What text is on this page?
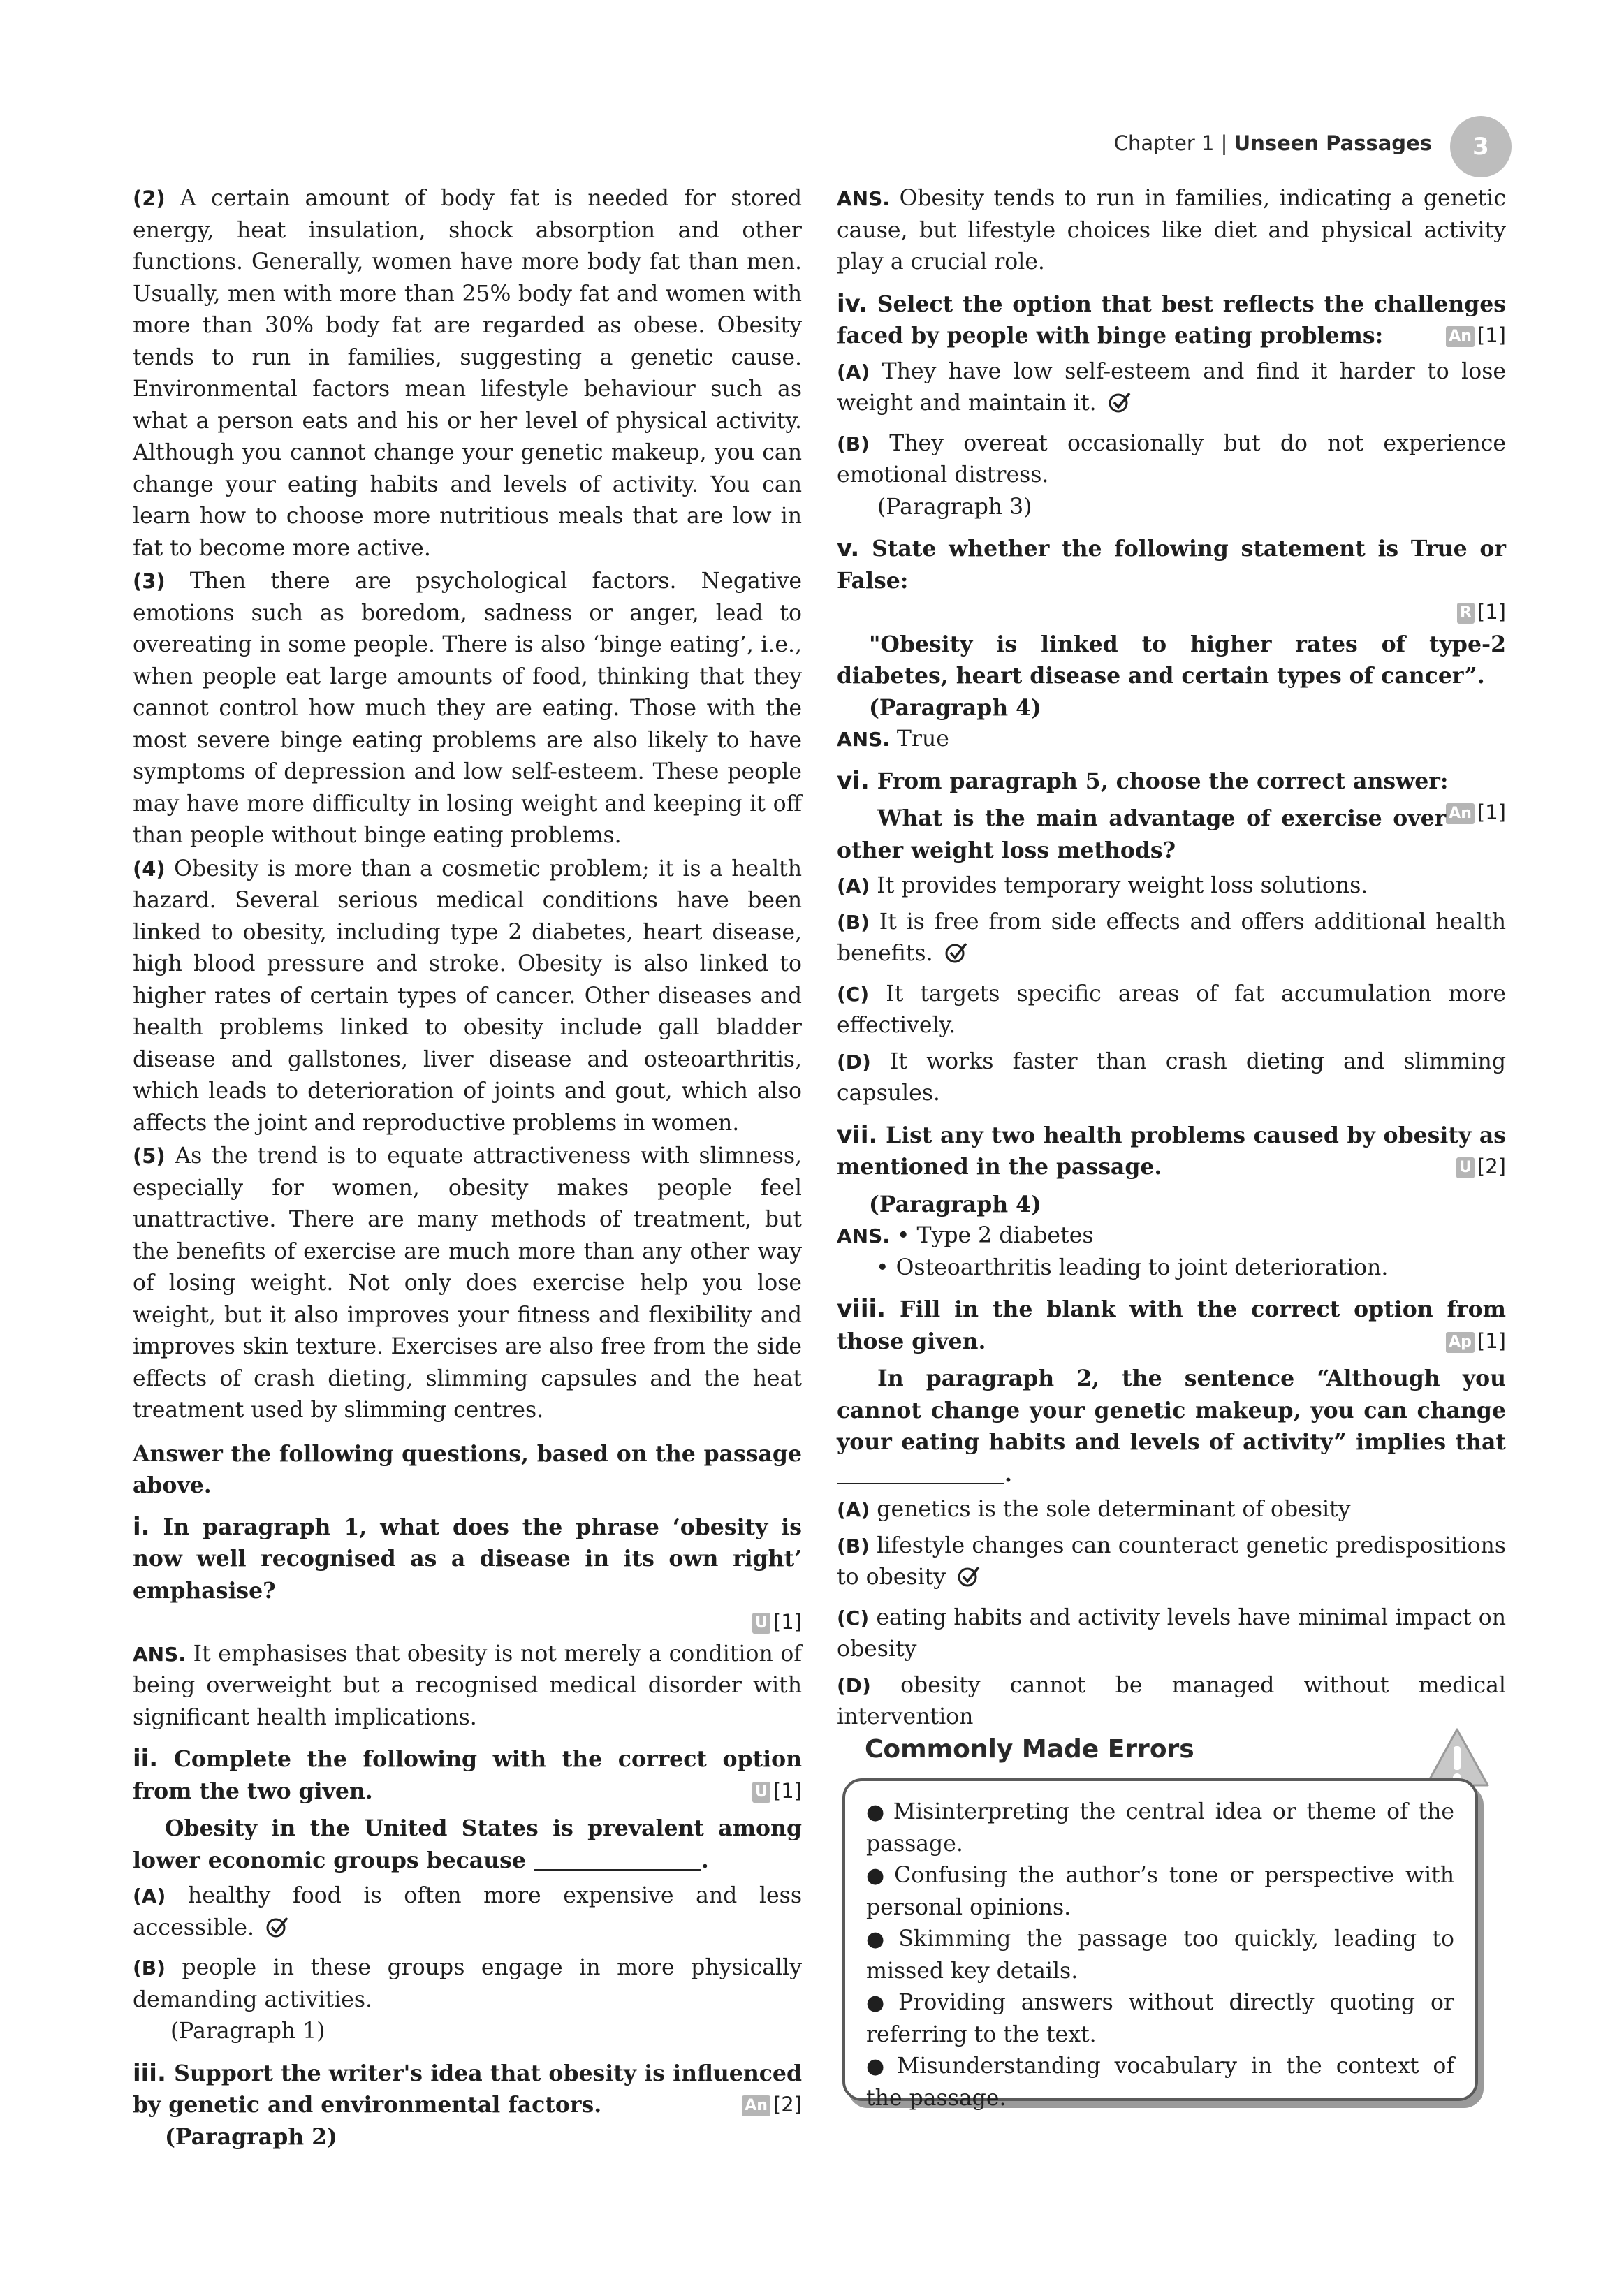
Chapter 1 | Unseen Passages	3

(2) A certain amount of body fat is needed for stored energy, heat insulation, shock absorption and other functions. Generally, women have more body fat than men. Usually, men with more than 25% body fat and women with more than 30% body fat are regarded as obese. Obesity tends to run in families, suggesting a genetic cause. Environmental factors mean lifestyle behaviour such as what a person eats and his or her level of physical activity. Although you cannot change your genetic makeup, you can change your eating habits and levels of activity. You can learn how to choose more nutritious meals that are low in fat to become more active.

(3) Then there are psychological factors. Negative emotions such as boredom, sadness or anger, lead to overeating in some people. There is also ‘binge eating’, i.e., when people eat large amounts of food, thinking that they cannot control how much they are eating. Those with the most severe binge eating problems are also likely to have symptoms of depression and low self-esteem. These people may have more difficulty in losing weight and keeping it off than people without binge eating problems.

(4) Obesity is more than a cosmetic problem; it is a health hazard. Several serious medical conditions have been linked to obesity, including type 2 diabetes, heart disease, high blood pressure and stroke. Obesity is also linked to higher rates of certain types of cancer. Other diseases and health problems linked to obesity include gall bladder disease and gallstones, liver disease and osteoarthritis, which leads to deterioration of joints and gout, which also affects the joint and reproductive problems in women.

(5) As the trend is to equate attractiveness with slimness, especially for women, obesity makes people feel unattractive. There are many methods of treatment, but the benefits of exercise are much more than any other way of losing weight. Not only does exercise help you lose weight, but it also improves your fitness and flexibility and improves skin texture. Exercises are also free from the side effects of crash dieting, slimming capsules and the heat treatment used by slimming centres.

Answer the following questions, based on the passage above.

i. In paragraph 1, what does the phrase ‘obesity is now well recognised as a disease in its own right’ emphasise?

U [1]

ANS. It emphasises that obesity is not merely a condition of being overweight but a recognised medical disorder with significant health implications.

ii. Complete the following with the correct option from the two given.	U [1]

Obesity in the United States is prevalent among lower economic groups because	.

(A) healthy food is often more expensive and less accessible.

(B) people in these groups engage in more physically demanding activities.

(Paragraph 1)

iii. Support the writer's idea that obesity is influenced by genetic and environmental factors.	An [2]

(Paragraph 2)

ANS. Obesity tends to run in families, indicating a genetic cause, but lifestyle choices like diet and physical activity play a crucial role.

iv. Select the option that best reflects the challenges faced by people with binge eating problems:	An [1]

(A) They have low self-esteem and find it harder to lose weight and maintain it.

(B) They overeat occasionally but do not experience emotional distress.

(Paragraph 3)

v. State whether the following statement is True or False:

R [1]

"Obesity is linked to higher rates of type-2 diabetes, heart disease and certain types of cancer”.

(Paragraph 4)

ANS. True

vi. From paragraph 5, choose the correct answer:
An [1]

What is the main advantage of exercise over other weight loss methods?

(A) It provides temporary weight loss solutions.

(B) It is free from side effects and offers additional health benefits.

(C) It targets specific areas of fat accumulation more effectively.

(D) It works faster than crash dieting and slimming capsules.

vii. List any two health problems caused by obesity as mentioned in the passage.	U [2]

(Paragraph 4)

ANS. • Type 2 diabetes

• Osteoarthritis leading to joint deterioration.

viii. Fill in the blank with the correct option from those given.	Ap [1]

In paragraph 2, the sentence “Although you cannot change your genetic makeup, you can change your eating habits and levels of activity” implies that .

(A) genetics is the sole determinant of obesity

(B) lifestyle changes can counteract genetic predispositions to obesity

(C) eating habits and activity levels have minimal impact on obesity

(D) obesity cannot be managed without medical intervention

Commonly Made Errors

● Misinterpreting the central idea or theme of the passage.

● Confusing the author’s tone or perspective with personal opinions.

● Skimming the passage too quickly, leading to missed key details.

● Providing answers without directly quoting or referring to the text.

● Misunderstanding vocabulary in the context of the passage.
